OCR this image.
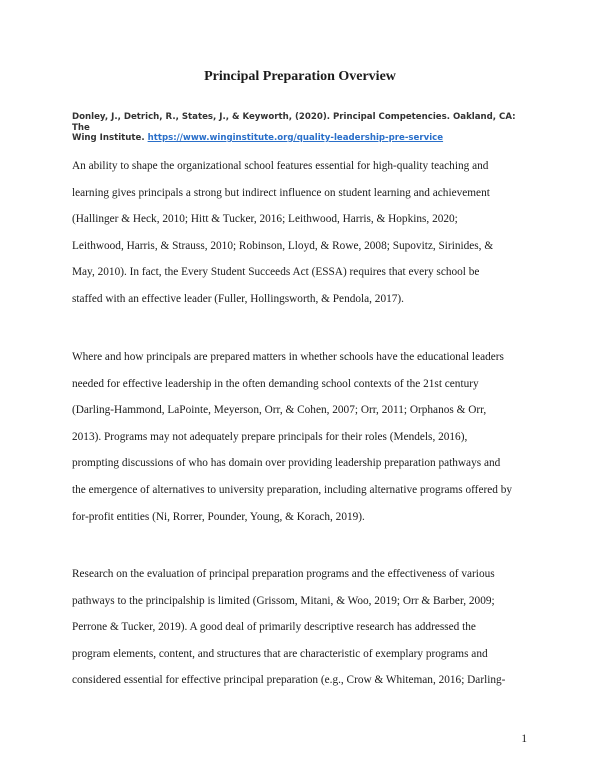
Principal Preparation Overview
Donley, J., Detrich, R., States, J., & Keyworth, (2020). Principal Competencies. Oakland, CA: The
Wing Institute. https://www.winginstitute.org/quality-leadership-pre-service
An ability to shape the organizational school features essential for high-quality teaching and
learning gives principals a strong but indirect influence on student learning and achievement
(Hallinger & Heck, 2010; Hitt & Tucker, 2016; Leithwood, Harris, & Hopkins, 2020;
Leithwood, Harris, & Strauss, 2010; Robinson, Lloyd, & Rowe, 2008; Supovitz, Sirinides, &
May, 2010). In fact, the Every Student Succeeds Act (ESSA) requires that every school be
staffed with an effective leader (Fuller, Hollingsworth, & Pendola, 2017).
Where and how principals are prepared matters in whether schools have the educational leaders
needed for effective leadership in the often demanding school contexts of the 21st century
(Darling-Hammond, LaPointe, Meyerson, Orr, & Cohen, 2007; Orr, 2011; Orphanos & Orr,
2013). Programs may not adequately prepare principals for their roles (Mendels, 2016),
prompting discussions of who has domain over providing leadership preparation pathways and
the emergence of alternatives to university preparation, including alternative programs offered by
for-profit entities (Ni, Rorrer, Pounder, Young, & Korach, 2019).
Research on the evaluation of principal preparation programs and the effectiveness of various
pathways to the principalship is limited (Grissom, Mitani, & Woo, 2019; Orr & Barber, 2009;
Perrone & Tucker, 2019). A good deal of primarily descriptive research has addressed the
program elements, content, and structures that are characteristic of exemplary programs and
considered essential for effective principal preparation (e.g., Crow & Whiteman, 2016; Darling-
1
